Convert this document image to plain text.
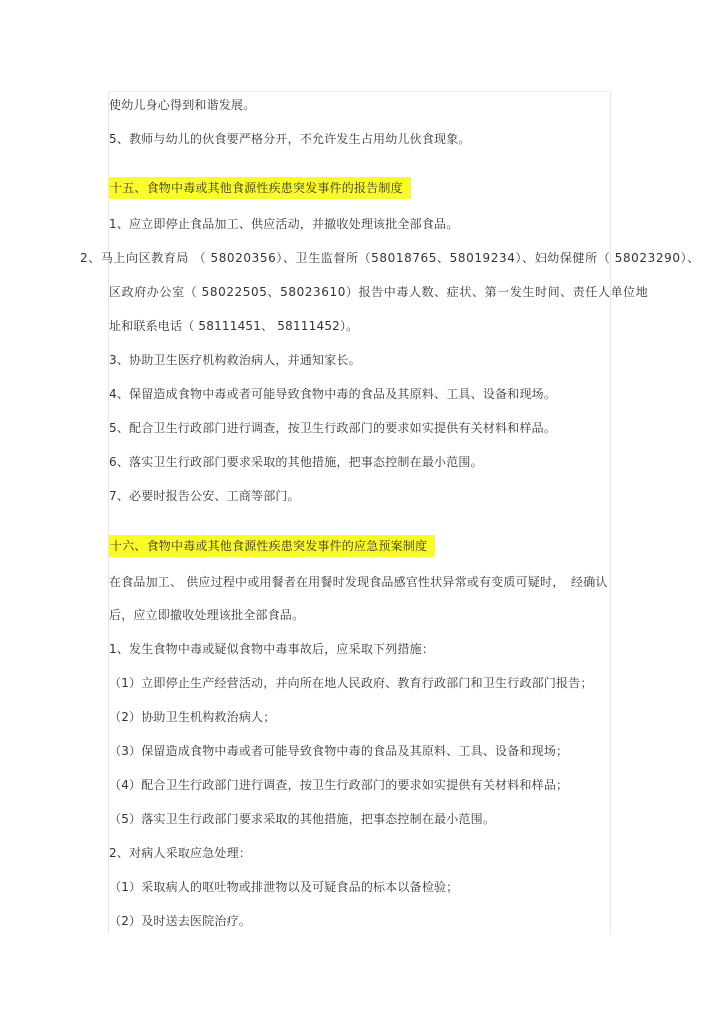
使幼儿身心得到和谐发展。
5、教师与幼儿的伙食要严格分开，不允许发生占用幼儿伙食现象。
十五、食物中毒或其他食源性疾患突发事件的报告制度
1、应立即停止食品加工、供应活动，并撤收处理该批全部食品。
2、马上向区教育局 （ 58020356）、卫生监督所（58018765、58019234）、妇幼保健所（ 58023290）、
区政府办公室（ 58022505、58023610）报告中毒人数、症状、第一发生时间、责任人单位地
址和联系电话（ 58111451、 58111452）。
3、协助卫生医疗机构救治病人，并通知家长。
4、保留造成食物中毒或者可能导致食物中毒的食品及其原料、工具、设备和现场。
5、配合卫生行政部门进行调查，按卫生行政部门的要求如实提供有关材料和样品。
6、落实卫生行政部门要求采取的其他措施，把事态控制在最小范围。
7、必要时报告公安、工商等部门。
十六、食物中毒或其他食源性疾患突发事件的应急预案制度
在食品加工、 供应过程中或用餐者在用餐时发现食品感官性状异常或有变质可疑时， 经确认
后，应立即撤收处理该批全部食品。
1、发生食物中毒或疑似食物中毒事故后，应采取下列措施：
（1）立即停止生产经营活动，并向所在地人民政府、教育行政部门和卫生行政部门报告；
（2）协助卫生机构救治病人；
（3）保留造成食物中毒或者可能导致食物中毒的食品及其原料、工具、设备和现场；
（4）配合卫生行政部门进行调查，按卫生行政部门的要求如实提供有关材料和样品；
（5）落实卫生行政部门要求采取的其他措施，把事态控制在最小范围。
2、对病人采取应急处理：
（1）采取病人的呕吐物或排泄物以及可疑食品的标本以备检验；
（2）及时送去医院治疗。
